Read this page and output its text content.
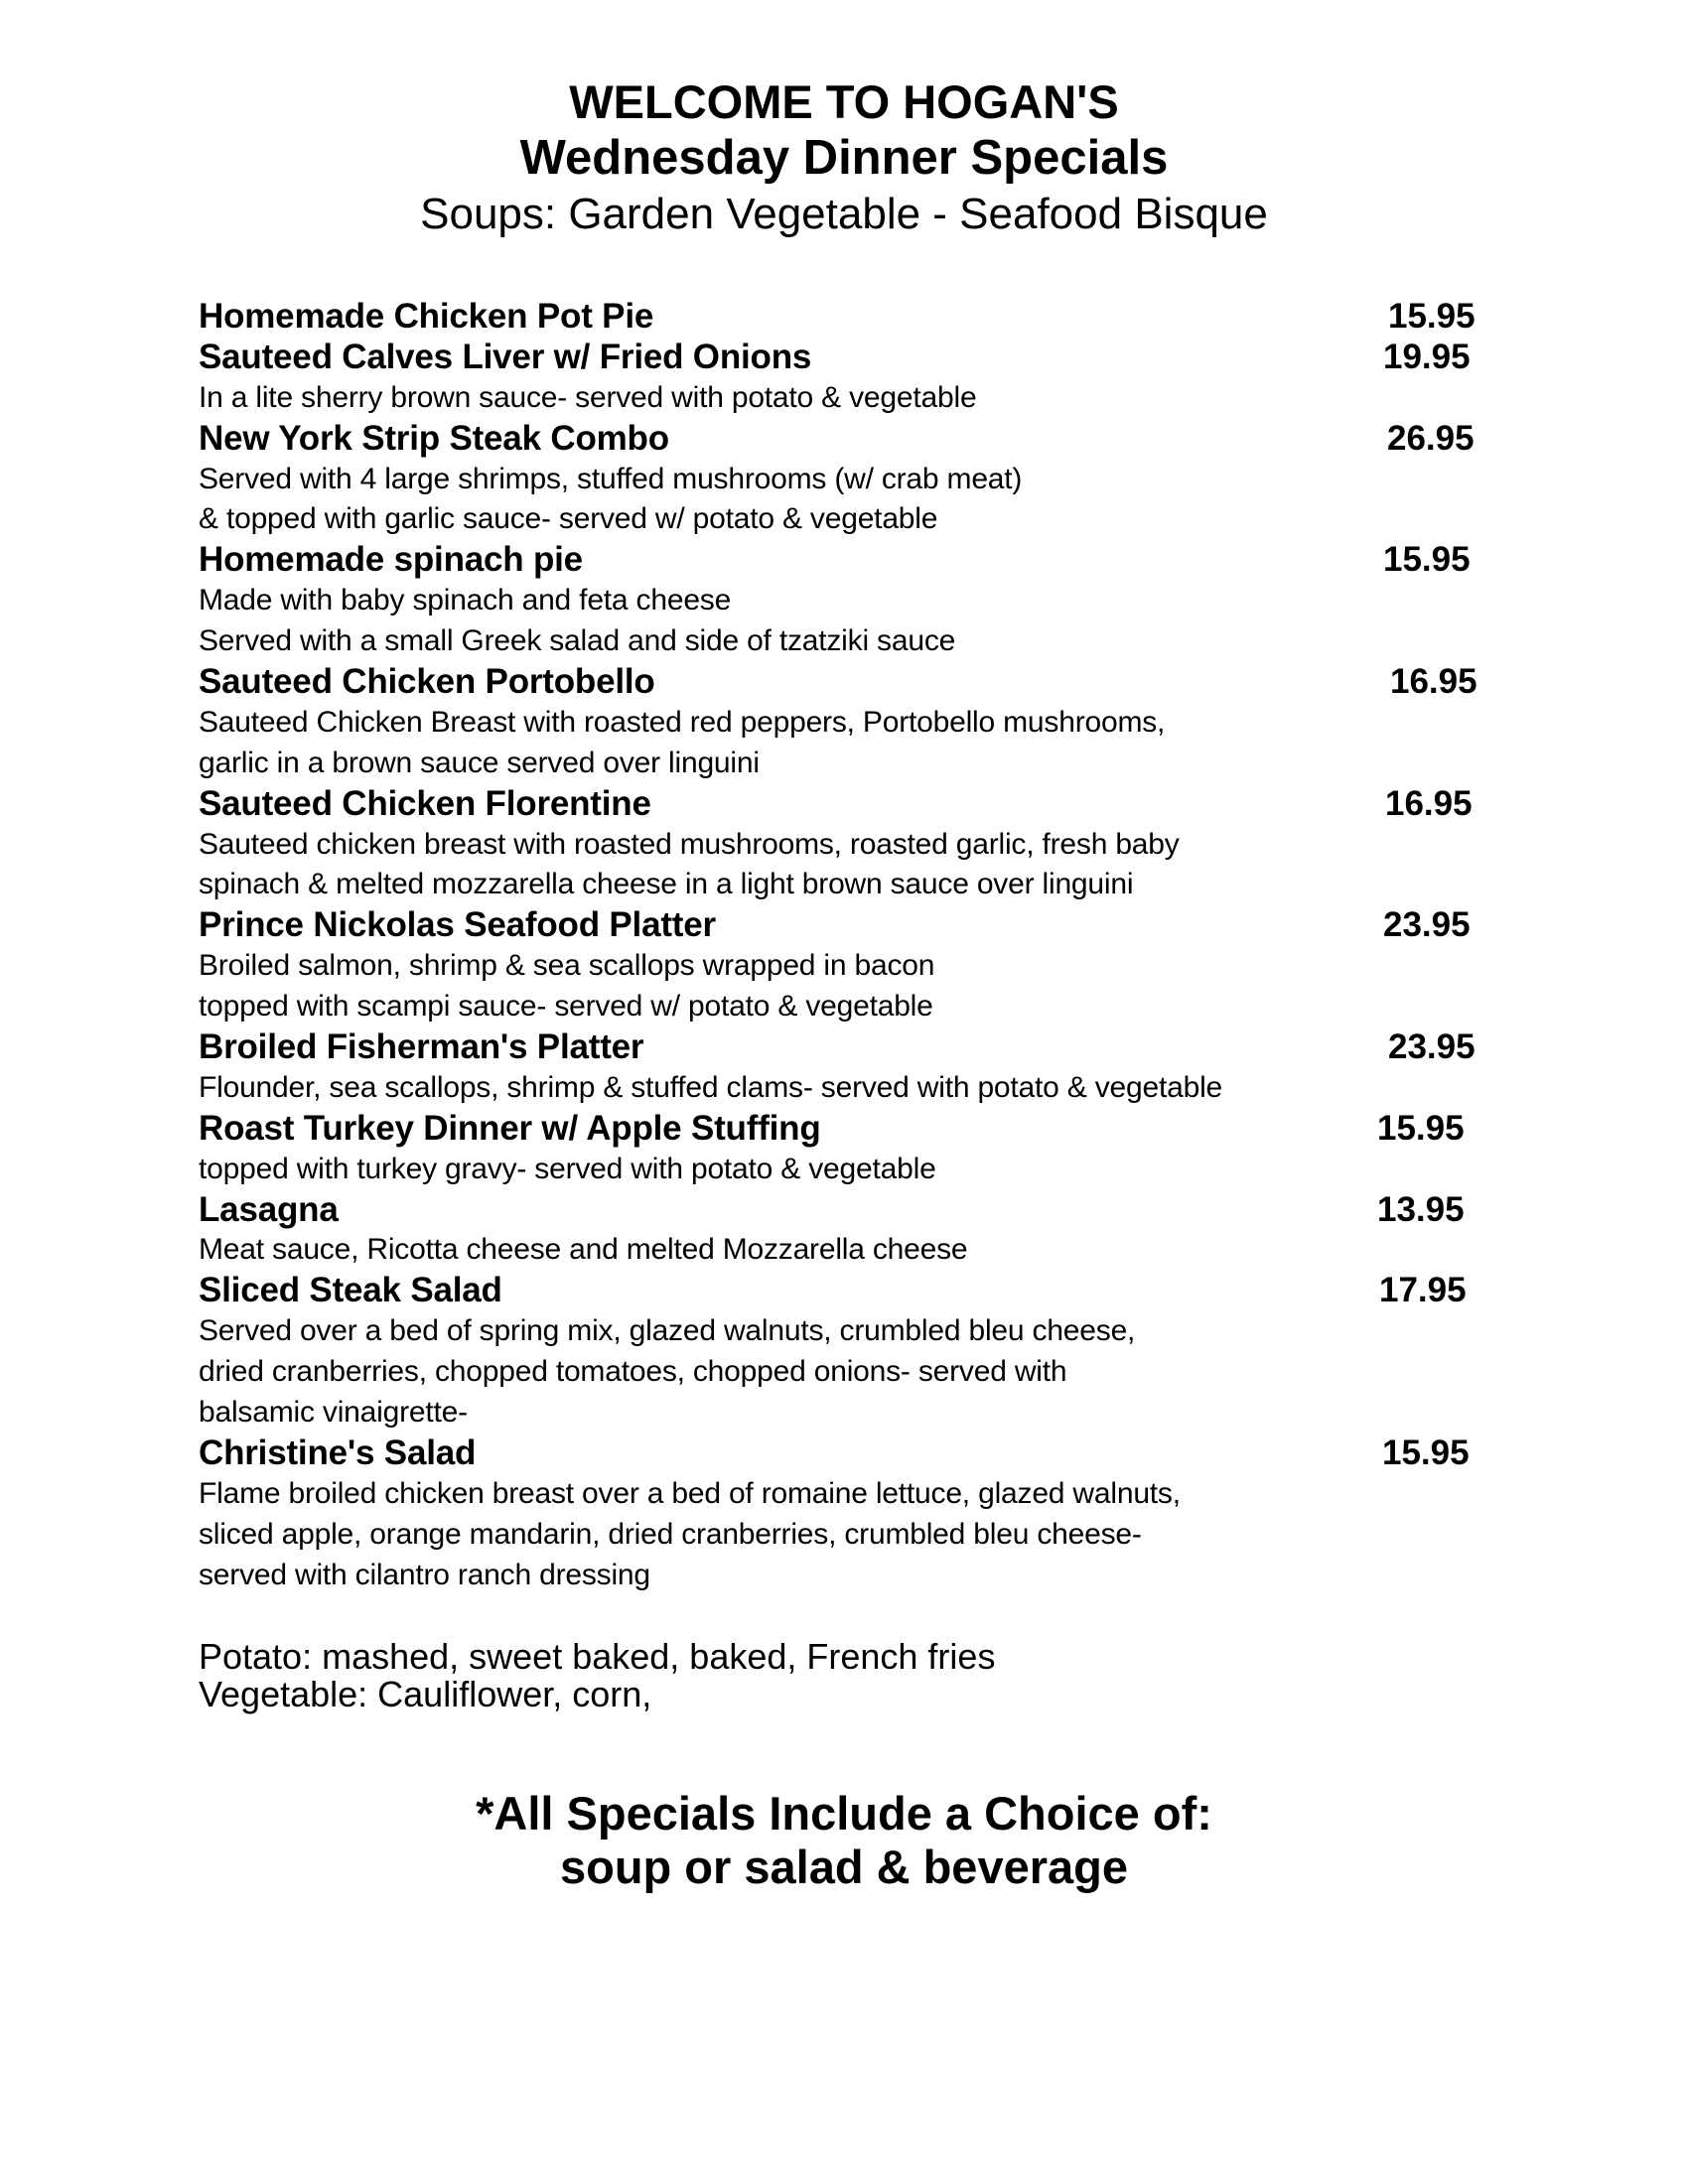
WELCOME TO HOGAN'S
Wednesday Dinner Specials
Soups: Garden Vegetable - Seafood Bisque
Homemade Chicken Pot Pie	15.95
Sauteed Calves Liver w/ Fried Onions	19.95
In a lite sherry brown sauce- served with potato & vegetable
New York Strip Steak Combo	26.95
Served with 4 large shrimps, stuffed mushrooms (w/ crab meat)
& topped with garlic sauce- served w/ potato & vegetable
Homemade spinach pie	15.95
Made with baby spinach and feta cheese
Served with a small Greek salad and side of tzatziki sauce
Sauteed Chicken Portobello	16.95
Sauteed Chicken Breast with roasted red peppers, Portobello mushrooms,
garlic in a brown sauce served over linguini
Sauteed Chicken Florentine	16.95
Sauteed chicken breast with roasted mushrooms, roasted garlic, fresh baby
spinach & melted mozzarella cheese in a light brown sauce over linguini
Prince Nickolas Seafood Platter	23.95
Broiled salmon, shrimp & sea scallops wrapped in bacon
topped with scampi sauce- served w/ potato & vegetable
Broiled Fisherman's Platter	23.95
Flounder, sea scallops, shrimp & stuffed clams- served with potato & vegetable
Roast Turkey Dinner w/ Apple Stuffing	15.95
topped with turkey gravy- served with potato & vegetable
Lasagna	13.95
Meat sauce, Ricotta cheese and melted Mozzarella cheese
Sliced Steak Salad	17.95
Served over a bed of spring mix, glazed walnuts, crumbled bleu cheese,
dried cranberries, chopped tomatoes, chopped onions- served with
balsamic vinaigrette-
Christine's Salad	15.95
Flame broiled chicken breast over a bed of romaine lettuce, glazed walnuts,
sliced apple, orange mandarin, dried cranberries, crumbled bleu cheese-
served with cilantro ranch dressing
Potato: mashed, sweet baked, baked, French fries
Vegetable: Cauliflower, corn,
*All Specials Include a Choice of:
soup or salad & beverage
